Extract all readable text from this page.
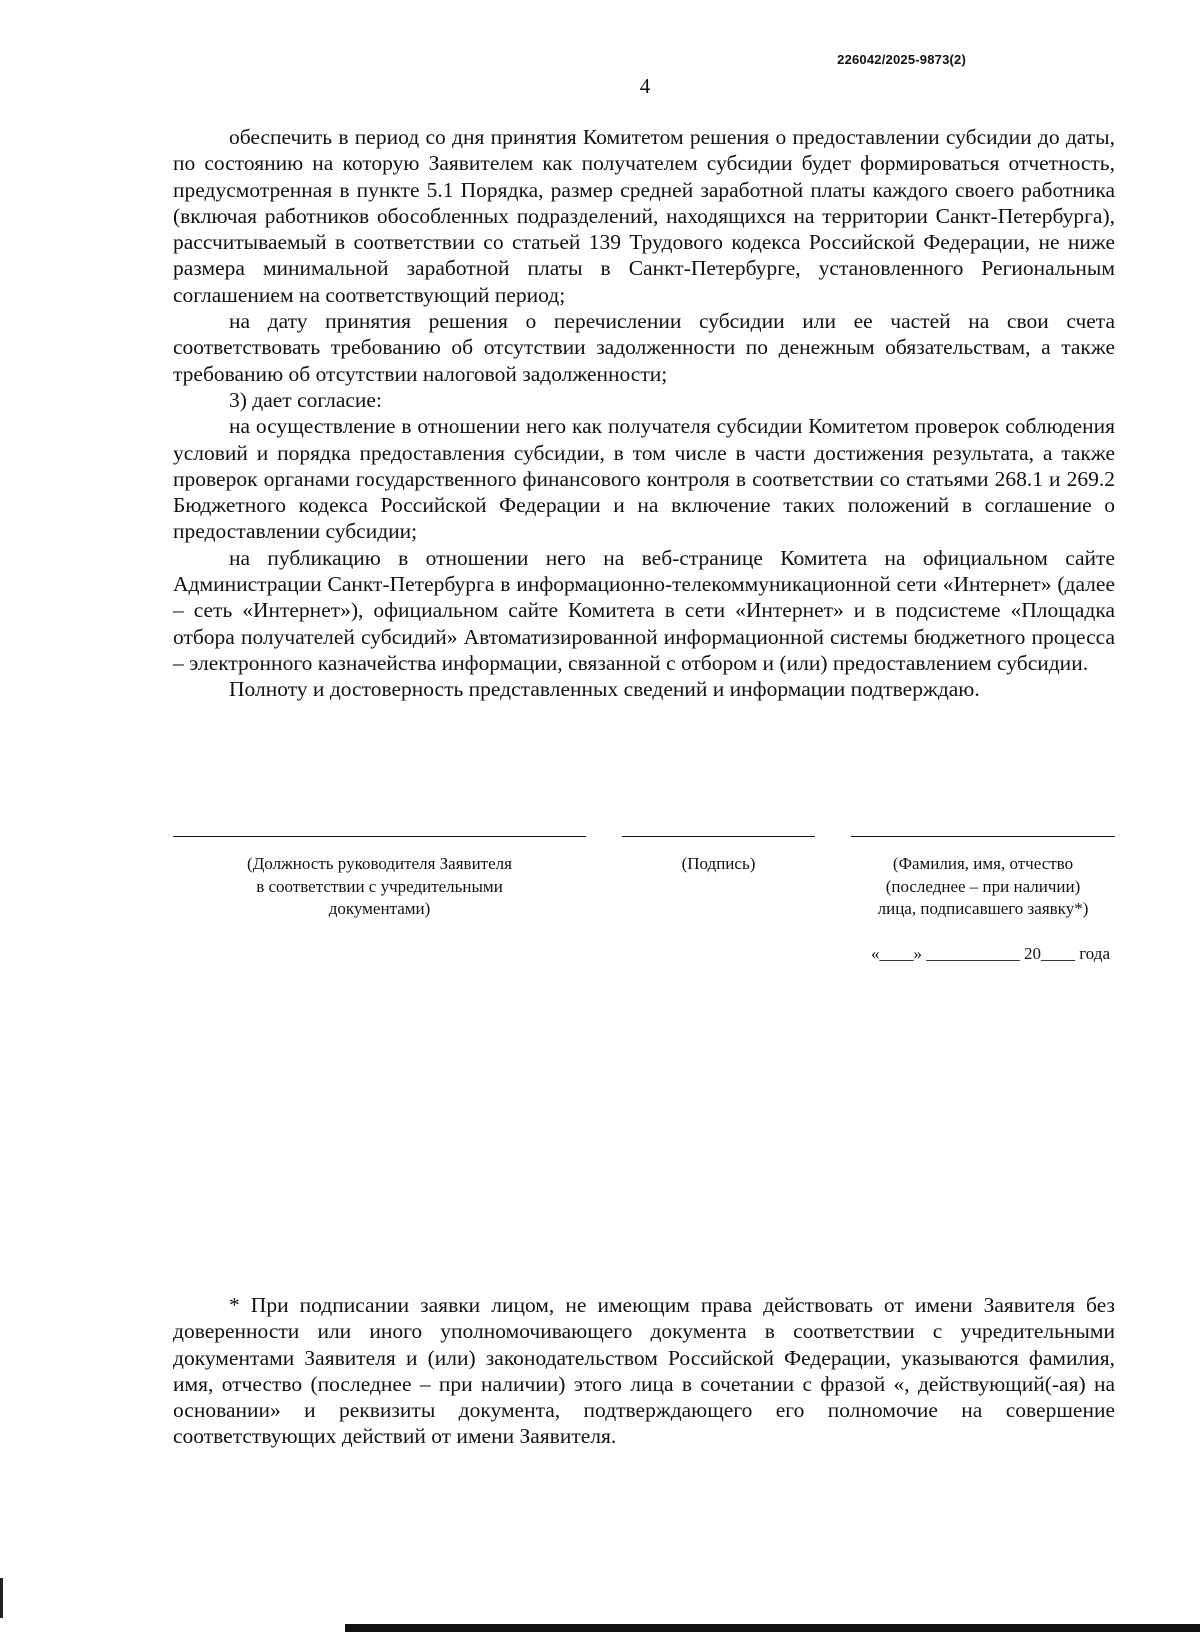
226042/2025-9873(2)
4

обеспечить в период со дня принятия Комитетом решения о предоставлении субсидии до даты, по состоянию на которую Заявителем как получателем субсидии будет формироваться отчетность, предусмотренная в пункте 5.1 Порядка, размер средней заработной платы каждого своего работника (включая работников обособленных подразделений, находящихся на территории Санкт-Петербурга), рассчитываемый в соответствии со статьей 139 Трудового кодекса Российской Федерации, не ниже размера минимальной заработной платы в Санкт-Петербурге, установленного Региональным соглашением на соответствующий период;

на дату принятия решения о перечислении субсидии или ее частей на свои счета соответствовать требованию об отсутствии задолженности по денежным обязательствам, а также требованию об отсутствии налоговой задолженности;

3) дает согласие:

на осуществление в отношении него как получателя субсидии Комитетом проверок соблюдения условий и порядка предоставления субсидии, в том числе в части достижения результата, а также проверок органами государственного финансового контроля в соответствии со статьями 268.1 и 269.2 Бюджетного кодекса Российской Федерации и на включение таких положений в соглашение о предоставлении субсидии;

на публикацию в отношении него на веб-странице Комитета на официальном сайте Администрации Санкт-Петербурга в информационно-телекоммуникационной сети «Интернет» (далее – сеть «Интернет»), официальном сайте Комитета в сети «Интернет» и в подсистеме «Площадка отбора получателей субсидий» Автоматизированной информационной системы бюджетного процесса – электронного казначейства информации, связанной с отбором и (или) предоставлением субсидии.

Полноту и достоверность представленных сведений и информации подтверждаю.

(Должность руководителя Заявителя
в соответствии с учредительными
документами)
(Подпись)	(Фамилия, имя, отчество
(последнее – при наличии)
лица, подписавшего заявку*)
«____» ___________ 20____ года

* При подписании заявки лицом, не имеющим права действовать от имени Заявителя без доверенности или иного уполномочивающего документа в соответствии с учредительными документами Заявителя и (или) законодательством Российской Федерации, указываются фамилия, имя, отчество (последнее – при наличии) этого лица в сочетании с фразой «, действующий(-ая) на основании» и реквизиты документа, подтверждающего его полномочие на совершение соответствующих действий от имени Заявителя.
